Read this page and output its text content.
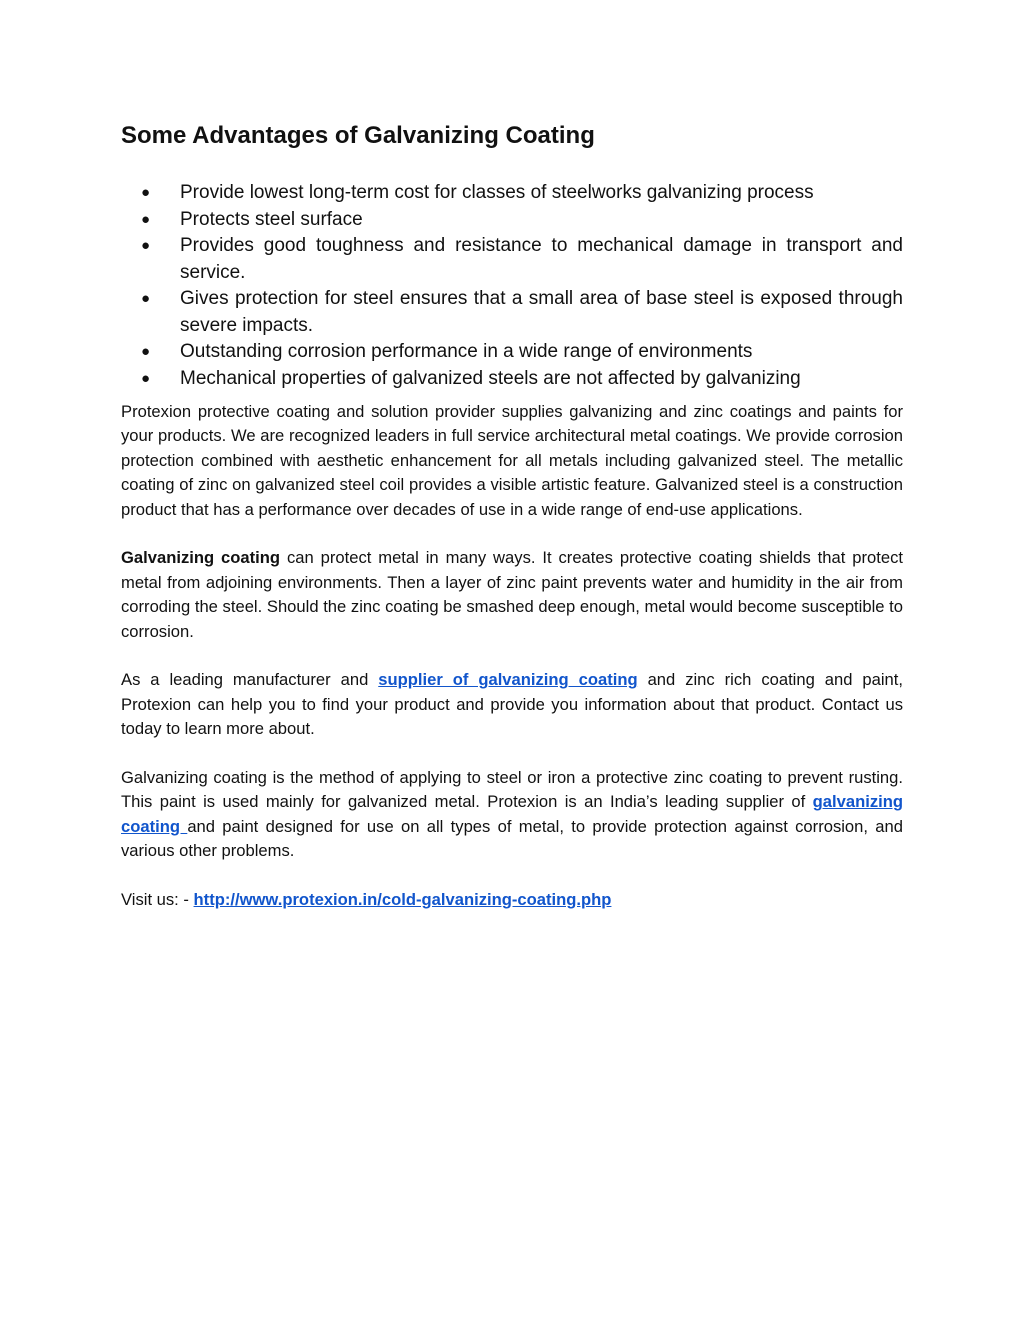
Some Advantages of Galvanizing Coating
● Provide lowest long-term cost for classes of steelworks galvanizing process
● Protects steel surface
● Provides good toughness and resistance to mechanical damage in transport and service.
● Gives protection for steel ensures that a small area of base steel is exposed through severe impacts.
● Outstanding corrosion performance in a wide range of environments
● Mechanical properties of galvanized steels are not affected by galvanizing

Protexion protective coating and solution provider supplies galvanizing and zinc coatings and paints for your products. We are recognized leaders in full service architectural metal coatings. We provide corrosion protection combined with aesthetic enhancement for all metals including galvanized steel. The metallic coating of zinc on galvanized steel coil provides a visible artistic feature. Galvanized steel is a construction product that has a performance over decades of use in a wide range of end-use applications.

Galvanizing coating can protect metal in many ways. It creates protective coating shields that protect metal from adjoining environments. Then a layer of zinc paint prevents water and humidity in the air from corroding the steel. Should the zinc coating be smashed deep enough, metal would become susceptible to corrosion.

As a leading manufacturer and supplier of galvanizing coating and zinc rich coating and paint, Protexion can help you to find your product and provide you information about that product. Contact us today to learn more about.

Galvanizing coating is the method of applying to steel or iron a protective zinc coating to prevent rusting. This paint is used mainly for galvanized metal. Protexion is an India’s leading supplier of galvanizing coating and paint designed for use on all types of metal, to provide protection against corrosion, and various other problems.

Visit us: - http://www.protexion.in/cold-galvanizing-coating.php
